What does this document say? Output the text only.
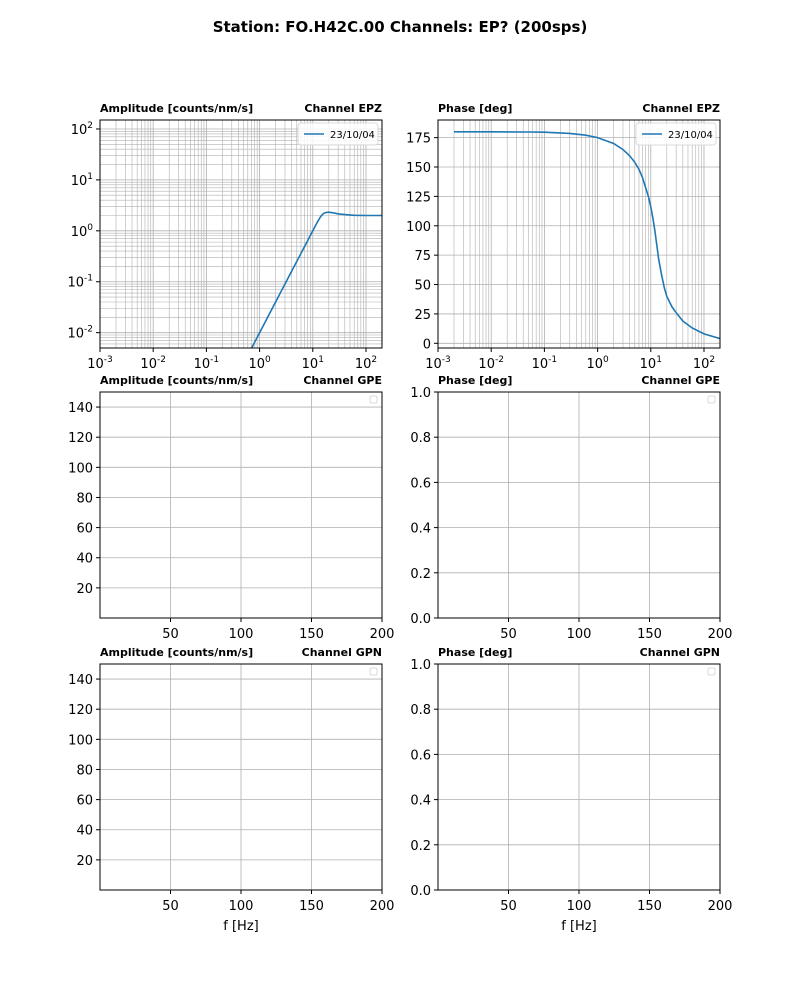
Station: FO.H42C.00 Channels: EP? (200sps)
$10^{-3}$ $10^{-2}$ $10^{-1}$ $10^0$ $10^1$ $10^2$
$10^{-2}$
$10^{-1}$
$10^0$
$10^1$
$10^2$
Amplitude [counts/nm/s]	Channel EPZ
23/10/04
$10^{-3}$ $10^{-2}$ $10^{-1}$ $10^0$ $10^1$ $10^2$
0
25
50
75
100
125
150
175
Phase [deg]	Channel EPZ
23/10/04
50	100	150	200
20
40
60
80
100
120
140
Amplitude [counts/nm/s]	Channel GPE
50	100	150	200
0.0
0.2
0.4
0.6
0.8
1.0
Phase [deg]	Channel GPE
50	100	150	200
20
40
60
80
100
120
140
Amplitude [counts/nm/s]	Channel GPN
f [Hz]
50	100	150	200
0.0
0.2
0.4
0.6
0.8
1.0
Phase [deg]	Channel GPN
f [Hz]
